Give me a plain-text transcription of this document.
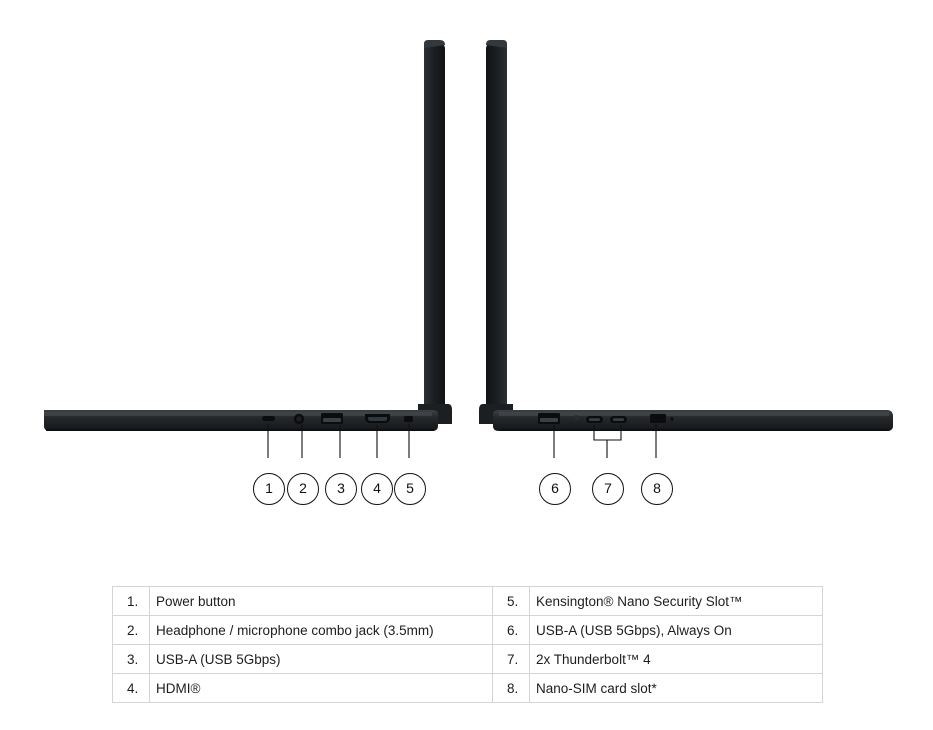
1	2	3	4	5	6	7	8
1.	Power button	5.	Kensington® Nano Security Slot™
2.	Headphone / microphone combo jack (3.5mm)	6.	USB-A (USB 5Gbps), Always On
3.	USB-A (USB 5Gbps)	7.	2x Thunderbolt™ 4
4.	HDMI®	8.	Nano-SIM card slot*
